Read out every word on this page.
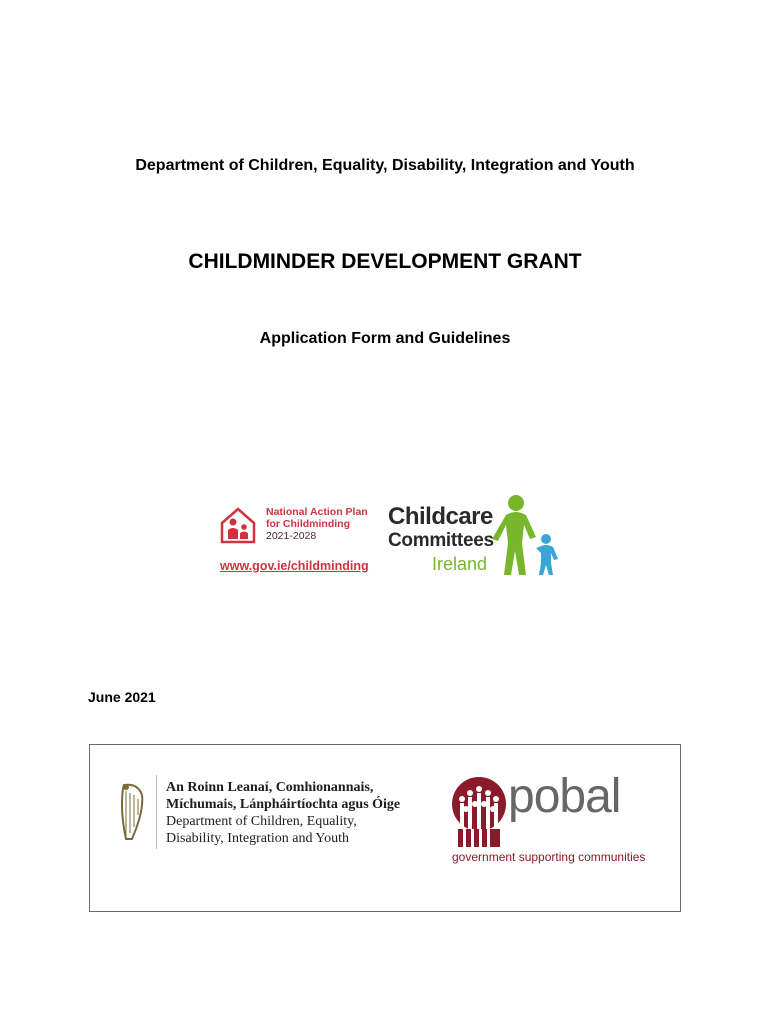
Department of Children, Equality, Disability, Integration and Youth
CHILDMINDER DEVELOPMENT GRANT
Application Form and Guidelines
National Action Plan
for Childminding
2021-2028
www.gov.ie/childminding
Childcare
Committees
Ireland
June 2021
An Roinn Leanaí, Comhionannais,
Míchumais, Lánpháirtíochta agus Óige
Department of Children, Equality,
Disability, Integration and Youth
pobal
government supporting communities
